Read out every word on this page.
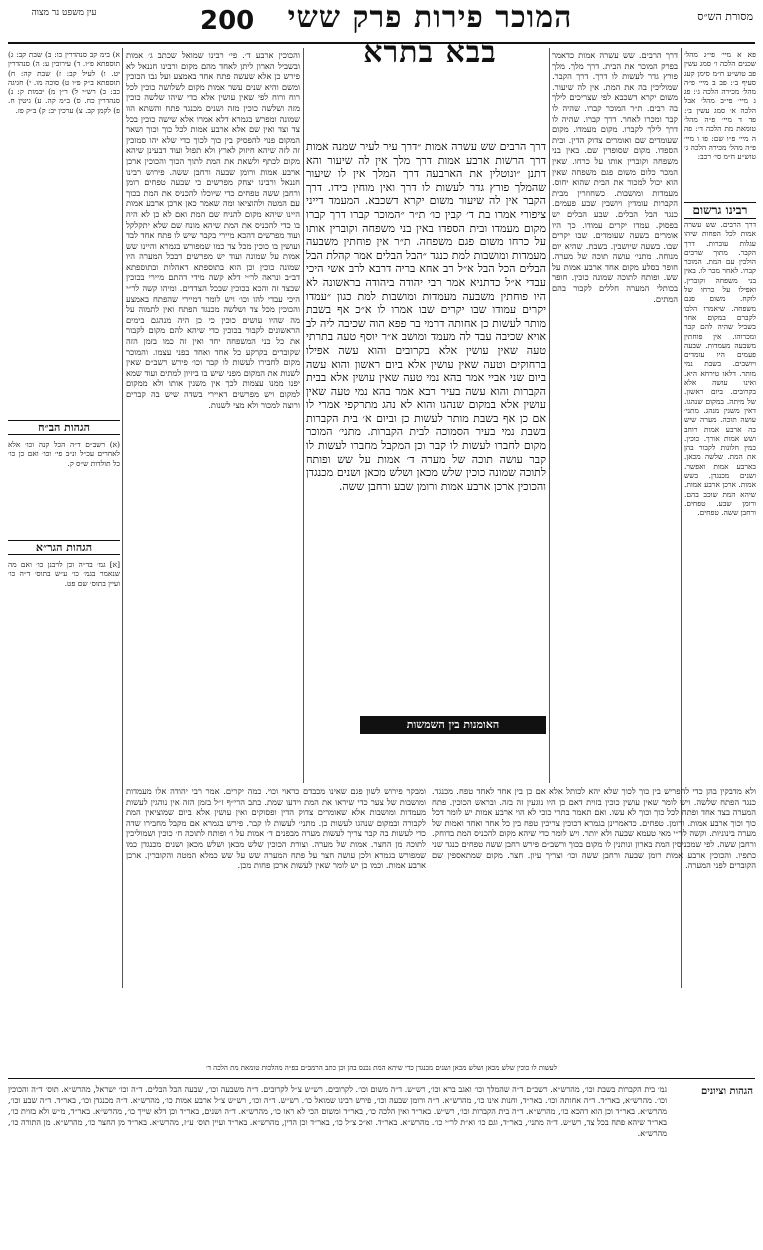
עין משפט נר מצוה	200	המוכר פירות פרק ששי בבא בתרא
מסורת הש״ס

א) בימ קב סנהדרין כו: ב) שבת קב: ג) תוספתא פ״ו. ד) עירובין ע: ה) סנהדרין יט. ו) לעיל קב: ז) שבת קה: ח) תוספתא ב״ק פ״ו ט) סוכה מו. י) חגיגה כב: כ) רש״י ל) ר״ן מ) יבמות ק: נ) סנהדרין כח. ס) ב״מ קה. ע) גיטין ח. פ) לקמן קב. צ) ערכין יב: ק) ב״ק פז.

הגהות הב״ח

(א) רשב״ם ד״ה הכל קנה וכו׳ אלא לאחרים עכ״ל ונ״ב פי׳ וכו׳ ואם כן כו׳ כל תולדות ש״ס ק.

הגהות הגר״א

[א] גמ׳ בד״ה וכן לרבנן כו׳ ואם מה שנאמר בגמ׳ כו׳ ע״ש בתוס׳ ד״ה כו׳ ועיין בתוס׳ שם פט.

והכוכין ארבע ד׳. פי׳ רבינו שמואל שכתב ג׳ אמות ובשביל הארון ליתן לאחד מהם מקום ורבינו חננאל לא פירש כן אלא שעשה פתח אחד באמצע ועל גבו הכוכין ומשם והיא שנים עשר אמות מקום לשלושה כוכין לכל רוח ורוח לפי שאין עושין אלא כדי שיהו שלשה כוכין מזה ושלשה כוכין מזה ושנים מכנגד פתח והשתא הוו שמונה ומפרש בגמרא דלא אמרו אלא שישה כוכין בכל צד וצד ואין שם אלא ארבע אמות לכל כוך וכוך ושאר המקום פנוי להפסיק בין כוך לכוך כדי שלא יהו סמוכין זה לזה שיהא חיזוק לארץ ולא תפול ועוד דבעינן שיהא מקום לכתף ולשאת את המת לתוך הכוך והכוכין ארכן ארבע אמות ורומן שבעה ורחבן ששה. פירוש רבינו חננאל ורבינו יצחק מפרשים כי שבעה טפחים רומן ורחבן ששה טפחים כדי שיוכלו להכניס את המת בכוך עם המטה ולהוציאו ומה שאמר כאן ארכן ארבע אמות היינו שיהא מקום להניח שם המת ואם לא כן לא היה בו כדי להכניס את המת שיהא מונח שם שלא יתקלקל ועוד מפרשים דהכא מיירי בקבר שיש לו פתח אחד לבד ועושין בו כוכין מכל צד כמו שמפורש בגמרא והיינו שש אמות על שמונה ועוד יש מפרשים דבכל המערה היו שמונה כוכין וכן הוא בתוספתא דאהלות ובתוספתא דב״ב ונראה לר״י דלא קשה מידי דהתם מיירי בכוכין שבצד זה והכא בכוכין שבכל הצדדים. ומיהו קשה לר״י היכי עבדי להו וכו׳ ויש לומר דמיירי שהפתח באמצע והכוכין מכל צד ושלשה מכנגד הפתח ואין לתמוה על מה שהיו עושים כוכין כי כן היה מנהגם בימים הראשונים לקבור בכוכין כדי שיהא להם מקום לקבור את כל בני המשפחה יחד ואין זה כמו בזמן הזה שקוברים בקרקע כל אחד ואחד בפני עצמו. והמוכר מקום לחבירו לעשות לו קבר וכו׳ פירש רשב״ם שאין לשנות את המקום מפני שיש בו ביזיון למתים ועוד שמא יפנו ממנו עצמות לכך אין משנין אותו ולא ממקום למקום ויש מפרשים דאיירי בשדה שיש בה קברים ורוצה למכור ולא מצי לשנות.

דרך הרבים שש עשרה אמות ״דרך עיר לעיר שמנה אמות דרך הרשות ארבע אמות דרך מלך אין לה שיעור והא דתנן ״ונוטלין את הארבעה דרך המלך אין לו שיעור שהמלך פורץ גדר לעשות לו דרך ואין מוחין בידו. דרך הקבר אין לה שיעור משום יקרא דשכבא. המעמד דייני ציפורי אמרו בת ד׳ קבין כו׳ ת״ר ״המוכר קברו דרך קברו מקום מעמדו ובית הספדו באין בני משפחה וקוברין אותו על כרחו משום פגם משפחה. ת״ר אין פוחתין משבעה מעמדות ומושבות למת כנגד ״הבל הבלים אמר קהלת הבל הבלים הכל הבל א״ל רב אחא בריה דרבא לרב אשי היכי עבדי א״ל כדתניא אמר רבי יהודה ביהודה בראשונה לא היו פוחתין משבעה מעמדות ומושבות למת כגון ״עמדו יקרים עמודו שבו יקרים שבו אמרו לו א״כ אף בשבת מותר לעשות כן אחותה דרמי בר פפא הוה שכיבה ליה לב אויא שכיבה עבד לה מעמד ומושב א״ר יוסף טעה בתרתי טעה שאין עושין אלא בקרובים והוא עשה אפילו ברחוקים וטעה שאין עושין אלא ביום ראשון והוא עשה ביום שני אביי אמר בהא נמי טעה שאין עושין אלא בבית הקברות והוא עשה בעיר רבא אמר בהא נמי טעה שאין עושין אלא במקום שנהגו והוא לא נהג מתרקפי אמרי לו אם כן אף בשבת מותר לעשות כן וביום א׳ בית הקברות בשבת נמי בעיר הסמוכה לבית הקברות. מתני׳ המוכר מקום לחברו לעשות לו קבר וכן המקבל מחברו לעשות לו קבר עושה תוכה של מערה ד׳ אמות על שש ופותח לתוכה שמונה כוכין שלש מכאן ושלש מכאן ושנים מכנגדן והכוכין ארכן ארבע אמות ורומן שבע ורחבן ששה.

האומנות בין השמשות

דרך הרבים. שש עשרה אמות כדאמר בפרק המוכר את הבית. דרך מלך. מלך פורץ גדר לעשות לו דרך. דרך הקבר. שמוליכין בה את המת. אין לה שיעור. משום יקרא דשכבא לפי שצריכים לילך בה רבים. ת״ר המוכר קברו. שהיה לו קבר ומכרו לאחר. דרך קברו. שהיה לו דרך לילך לקברו. מקום מעמדו. מקום שעומדים שם ואומרים צדוק הדין. ובית הספדו. מקום שסופדין שם. באין בני משפחה וקוברין אותו על כרחו. שאין המכר כלום משום פגם משפחה שאין הוא יכול למכור את הבית שהוא יחוס. מעמדות ומושבות. כשחוזרין מבית הקברות עומדין ויושבין שבע פעמים. כנגד הבל הבלים. שבע הבלים יש בפסוק. עמדו יקרים עמודו. כך היו אומרים בשעה שעומדים. שבו יקרים שבו. בשעה שיושבין. בשבת. שהיא יום מנוחה. מתני׳ עושה תוכה של מערה. חופר בסלע מקום אחד ארבע אמות על שש. ופותח לתוכה שמונה כוכין. חופר בכותלי המערה חללים לקבור בהם המתים.

פא א מיי׳ פי״ג מהל׳ שכנים הלכה ו׳ סמג עשין פב טוש״ע ח״מ סימן קעג סעיף ב׳: פב ב מיי׳ פ״ה מהל׳ מכירה הלכה ג׳: פג ג מיי׳ פי״ב מהל׳ אבל הלכה א׳ סמג עשין ב׳: פד ד מיי׳ פ״ה מהל׳ טומאת מת הלכה ד׳: פה ה מיי׳ פ״ו שם: פו ו מיי׳ פ״ה מהל׳ מכירה הלכה ג׳ טוש״ע ח״מ סי׳ רכב:

רבינו גרשום

דרך הרבים. שש עשרה אמות לכל הפחות שיהו עגלות עוברות. דרך הקבר. מתוך שרבים הולכין עם המת. המוכר קברו. לאחר מכר לו. באין בני משפחה וקוברין. ואפילו על כרחו של לוקח. משום פגם משפחה. שיאמרו הלכו לקברם במקום אחר בשביל שהיה להם קבר ומכרוהו. אין פוחתין משבעה מעמדות. שבעה פעמים היו עומדים ויושבים. בשבת נמי מותר. דלאו טירחא היא. ואינו עושה אלא בקרובים. ביום ראשון. של מיתה. במקום שנהגו. דאין משנין מנהג. מתני׳ עושה תוכה. מערה שיש בה ארבע אמות רוחב ושש אמות אורך. כוכין. כמין חלונות לקבור בהן את המת. שלשה מכאן. בארבע אמות ואפשר. ושנים מכנגדן. בשש אמות. ארכן ארבע אמות. שיהא המת שוכב בהם. ורומן שבע. טפחים. ורחבן ששה. טפחים.

ומבקר פירוש לשון פגם שאינו מכבדם כראוי וכוי. כמה יקרים. אמר רבי יהודה אלו מעמדות ומושבות של צער כדי שיראו את המת וידעו שמת. כתב הרי״ף ז״ל בזמן הזה אין נוהגין לעשות מעמדות ומושבות אלא שאומרים צדוק הדין ופסוקים ואין עושין אלא ביום שמוציאין המת לקבורה ובמקום שנהגו לעשות כן. מתני׳ לעשות לו קבר. פירש בגמרא אם מקבל מחבירו שדה כדי לעשות בה קבר צריך לעשות מערה מבפנים ד׳ אמות על ו׳ ופותח לתוכה ח׳ כוכין ושמוליכין לתוכה מן החצר. אמות של מערה. וצורת הכוכין שלש מכאן ושלש מכאן ושנים מכנגדן כמו שמפורש בגמרא ולכן עושה חצר על פתח המערה שש על שש כמלא המטה והקוברין. ארכן ארבע אמות. וכמו כן יש לומר שאין לעשות ארכן פחות מכן.

ולא מדבקין בהן כדי להפריש בין כוך לכוך שלא יהא לכותל אלא אם כן בין אחד לאחד טפח. מכנגד. כנגד הפתח שלשה. ויש לומר שאין עושין כוכין בזוית דאם כן היו נוגעין זה בזה. ובראש הכוכין. פתח המערה בצד אחד ופתח לכל כוך וכוך לא עשו. ואם תאמר בתרי כוכי לא הוי ארבע אמות יש לומר דכל כוך וכוך ארבע אמות. ורומן. טפחים. כדאמרינן בגמרא דכוכין צריכין טפח בין כל אחד ואחד ואמות של מערה בינוניות. וקשה לר״י מאי טעמא שבעה ולא יותר. ויש לומר כדי שיהא מקום להכניס המת בדוחק. ורחבן ששה. לפי שמכניסין המת בארון ונותנין לו מקום בכוך ורשב״ם פירש רחבן ששה טפחים כנגד שני כתפיו. והכוכין ארבע אמות רומן שבעה ורחבן ששה וכו׳ וצריך עיון. חצר. מקום שמתאספין שם הקוברים לפני המערה.

לעשות לו כוכין שלש מכאן ושלש מכאן ושנים מכנגדן כדי שיהא המת נכנס בהן וכן כתב הרמב״ם בפ״ה מהלכות טומאת מת הלכה ד׳
הגהות וציונים
גמ׳ בית הקברות בשבת וכו׳, מהרש״א. רשב״ם ד״ה שהמלך וכו׳ ואגב ברא וכו׳, רש״ש. ד״ה משום וכו׳. לקרובים. רש״ש צ״ל לקרובים. ד״ה משבעה וכו׳, שבעה הבל הבלים. ד״ה וכו׳ ישראל, מהרש״א. תוס׳ ד״ה והכוכין וכו׳. מהרש״א, באר״ד. ד״ה אחותה וכו׳. באר״ד, וחנות אינו כו׳, מהרש״א. ד״ה ורומן שבעה וכו׳, פירש רבינו שמואל כו׳. רש״ש. ד״ה וכו׳, רש״ש צ״ל ארבע אמות כו׳, מהרש״א. ד״ה מכנגדן וכו׳, באר״ד. ד״ה שבע וכו׳, מהרש״א. באר״ד וכן הוא דהכא כו׳, מהרש״א. ד״ה בית הקברות וכו׳, רש״ש. באר״ד ואין הלכה כו׳, באר״ד ומשום הכי לא ראו כו׳, מהרש״א. ד״ה ושנים, באר״ד וכן דלא שייך כו׳, מהרש״א. באר״ד, מ״ש ולא בזוית כו׳, באר״ד שיהא פתח בכל צד, רש״ש. ד״ה מתני׳, באר״ד, וגם כו׳ וא״ת לר״י כו׳. מהרש״א. באר״ד. וא״כ צ״ל כו׳, באר״ד וכן הדין, מהרש״א. באר״ד ועיין תוס׳ ע״ז, מהרש״א. באר״ד מן החצר כו׳, מהרש״א. מן התורה כו׳, מהרש״א.
